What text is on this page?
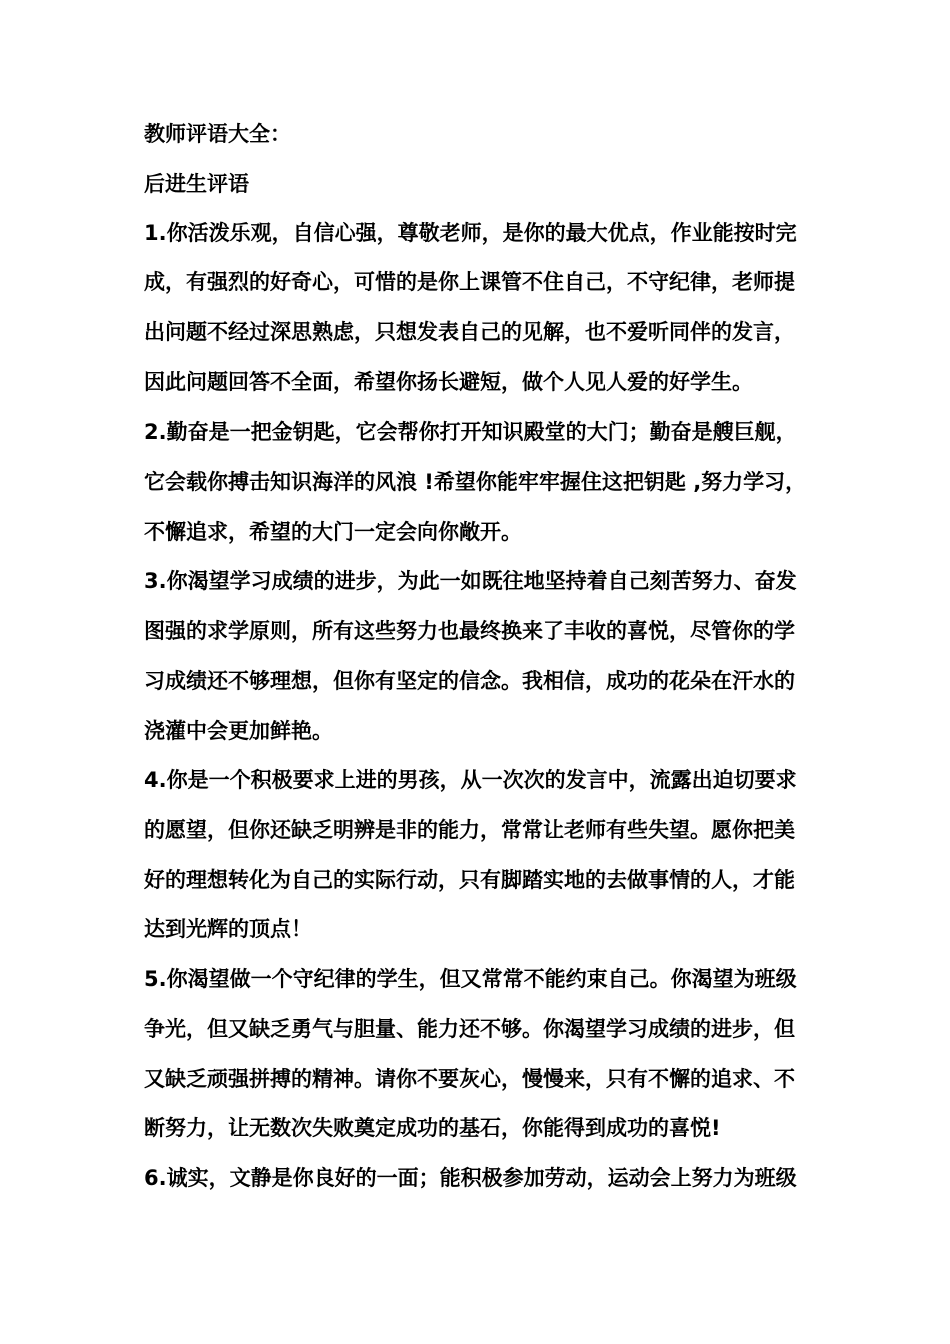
教师评语大全：
后进生评语
1.你活泼乐观，自信心强，尊敬老师，是你的最大优点，作业能按时完
成，有强烈的好奇心，可惜的是你上课管不住自己，不守纪律，老师提
出问题不经过深思熟虑，只想发表自己的见解，也不爱听同伴的发言，
因此问题回答不全面，希望你扬长避短，做个人见人爱的好学生。
2.勤奋是一把金钥匙，它会帮你打开知识殿堂的大门；勤奋是艘巨舰，
它会载你搏击知识海洋的风浪 !希望你能牢牢握住这把钥匙 ,努力学习，
不懈追求，希望的大门一定会向你敞开。
3.你渴望学习成绩的进步，为此一如既往地坚持着自己刻苦努力、奋发
图强的求学原则，所有这些努力也最终换来了丰收的喜悦，尽管你的学
习成绩还不够理想，但你有坚定的信念。我相信，成功的花朵在汗水的
浇灌中会更加鲜艳。
4.你是一个积极要求上进的男孩，从一次次的发言中，流露出迫切要求
的愿望，但你还缺乏明辨是非的能力，常常让老师有些失望。愿你把美
好的理想转化为自己的实际行动，只有脚踏实地的去做事情的人，才能
达到光辉的顶点！
5.你渴望做一个守纪律的学生，但又常常不能约束自己。你渴望为班级
争光，但又缺乏勇气与胆量、能力还不够。你渴望学习成绩的进步，但
又缺乏顽强拼搏的精神。请你不要灰心，慢慢来，只有不懈的追求、不
断努力，让无数次失败奠定成功的基石，你能得到成功的喜悦!
6.诚实，文静是你良好的一面；能积极参加劳动，运动会上努力为班级
